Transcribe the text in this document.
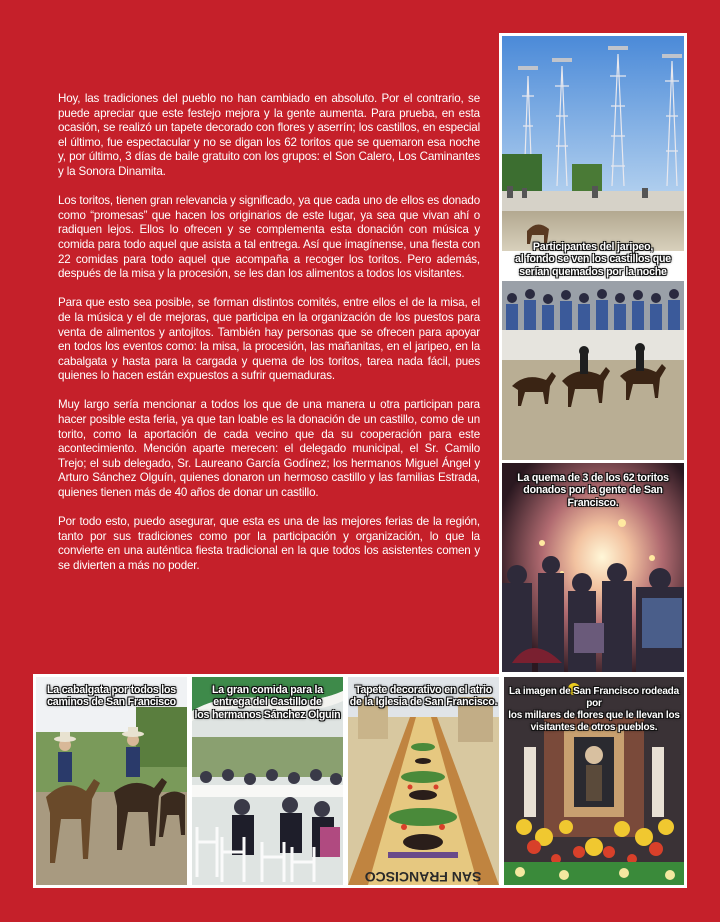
Hoy, las tradiciones del pueblo no han cambiado en absoluto. Por el contrario, se puede apreciar que este festejo mejora y la gente aumenta. Para prueba, en esta ocasión, se realizó un tapete decorado con flores y aserrín; los castillos, en especial el último, fue espectacular y no se digan los 62 toritos que se quemaron esa noche y, por último, 3 días de baile gratuito con los grupos: el Son Calero, Los Caminantes y la Sonora Dinamita.

Los toritos, tienen gran relevancia y significado, ya que cada uno de ellos es donado como “promesas” que hacen los originarios de este lugar, ya sea que vivan ahí o radiquen lejos. Ellos lo ofrecen y se complementa esta donación con música y comida para todo aquel que asista a tal entrega. Así que imagínense, una fiesta con 22 comidas para todo aquel que acompaña a recoger los toritos. Pero además, después de la misa y la procesión, se les dan los alimentos a todos los visitantes.

Para que esto sea posible, se forman distintos comités, entre ellos el de la misa, el de la música y el de mejoras, que participa en la organización de los puestos para venta de alimentos y antojitos. También hay personas que se ofrecen para apoyar en todos los eventos como: la misa, la procesión, las mañanitas, en el jaripeo, en la cabalgata y hasta para la cargada y quema de los toritos, tarea nada fácil, pues quienes lo hacen están expuestos a sufrir quemaduras.

Muy largo sería mencionar a todos los que de una manera u otra participan para hacer posible esta feria, ya que tan loable es la donación de un castillo, como de un torito, como la aportación de cada vecino que da su cooperación para este acontecimiento. Mención aparte merecen: el delegado municipal, el Sr. Camilo Trejo; el sub delegado, Sr. Laureano García Godínez; los hermanos Miguel Ángel y Arturo Sánchez Olguín, quienes donaron un hermoso castillo y las familias Estrada, quienes tienen más de 40 años de donar un castillo.

Por todo esto, puedo asegurar, que esta es una de las mejores ferias de la región, tanto por sus tradiciones como por la participación y organización, lo que la convierte en una auténtica fiesta tradicional en la que todos los asistentes comen y se divierten a más no poder.

Participantes del jaripeo,
al fondo se ven los castillos que
serían quemados por la noche
La quema de 3 de los 62 toritos
donados por la gente de San Francisco.
La cabalgata por todos los
caminos de San Francisco
La gran comida para la
entrega del Castillo de
los hermanos Sánchez Olguín
SAN FRANCISCO
Tapete decorativo en el atrio
de la Iglesia de San Francisco.
La imagen de San Francisco rodeada por
los millares de flores que le llevan los
visitantes de otros pueblos.
